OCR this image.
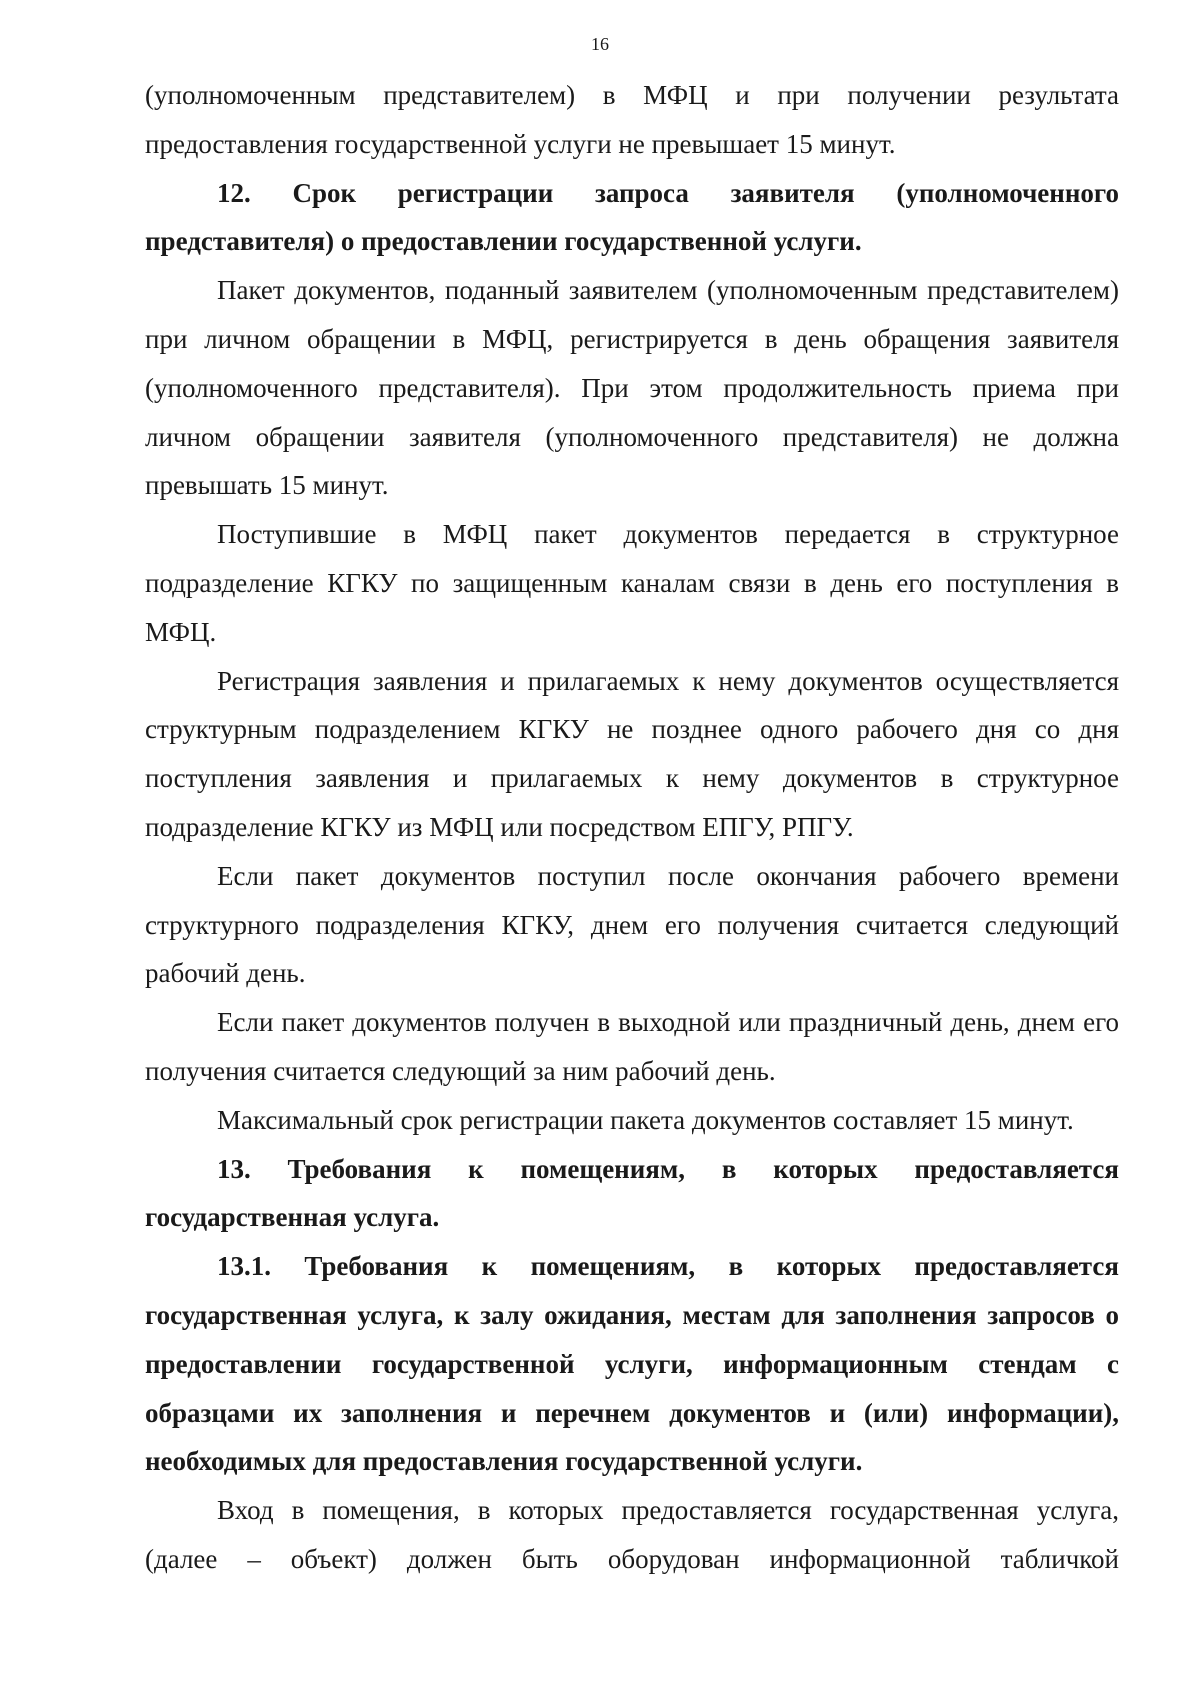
16

(уполномоченным представителем) в МФЦ и при получении результата предоставления государственной услуги не превышает 15 минут.

12. Срок регистрации запроса заявителя (уполномоченного представителя) о предоставлении государственной услуги.

Пакет документов, поданный заявителем (уполномоченным представителем) при личном обращении в МФЦ, регистрируется в день обращения заявителя (уполномоченного представителя). При этом продолжительность приема при личном обращении заявителя (уполномоченного представителя) не должна превышать 15 минут.

Поступившие в МФЦ пакет документов передается в структурное подразделение КГКУ по защищенным каналам связи в день его поступления в МФЦ.

Регистрация заявления и прилагаемых к нему документов осуществляется структурным подразделением КГКУ не позднее одного рабочего дня со дня поступления заявления и прилагаемых к нему документов в структурное подразделение КГКУ из МФЦ или посредством ЕПГУ, РПГУ.

Если пакет документов поступил после окончания рабочего времени структурного подразделения КГКУ, днем его получения считается следующий рабочий день.

Если пакет документов получен в выходной или праздничный день, днем его получения считается следующий за ним рабочий день.

Максимальный срок регистрации пакета документов составляет 15 минут.

13. Требования к помещениям, в которых предоставляется государственная услуга.

13.1. Требования к помещениям, в которых предоставляется государственная услуга, к залу ожидания, местам для заполнения запросов о предоставлении государственной услуги, информационным стендам с образцами их заполнения и перечнем документов и (или) информации), необходимых для предоставления государственной услуги.

Вход в помещения, в которых предоставляется государственная услуга, (далее – объект) должен быть оборудован информационной табличкой
